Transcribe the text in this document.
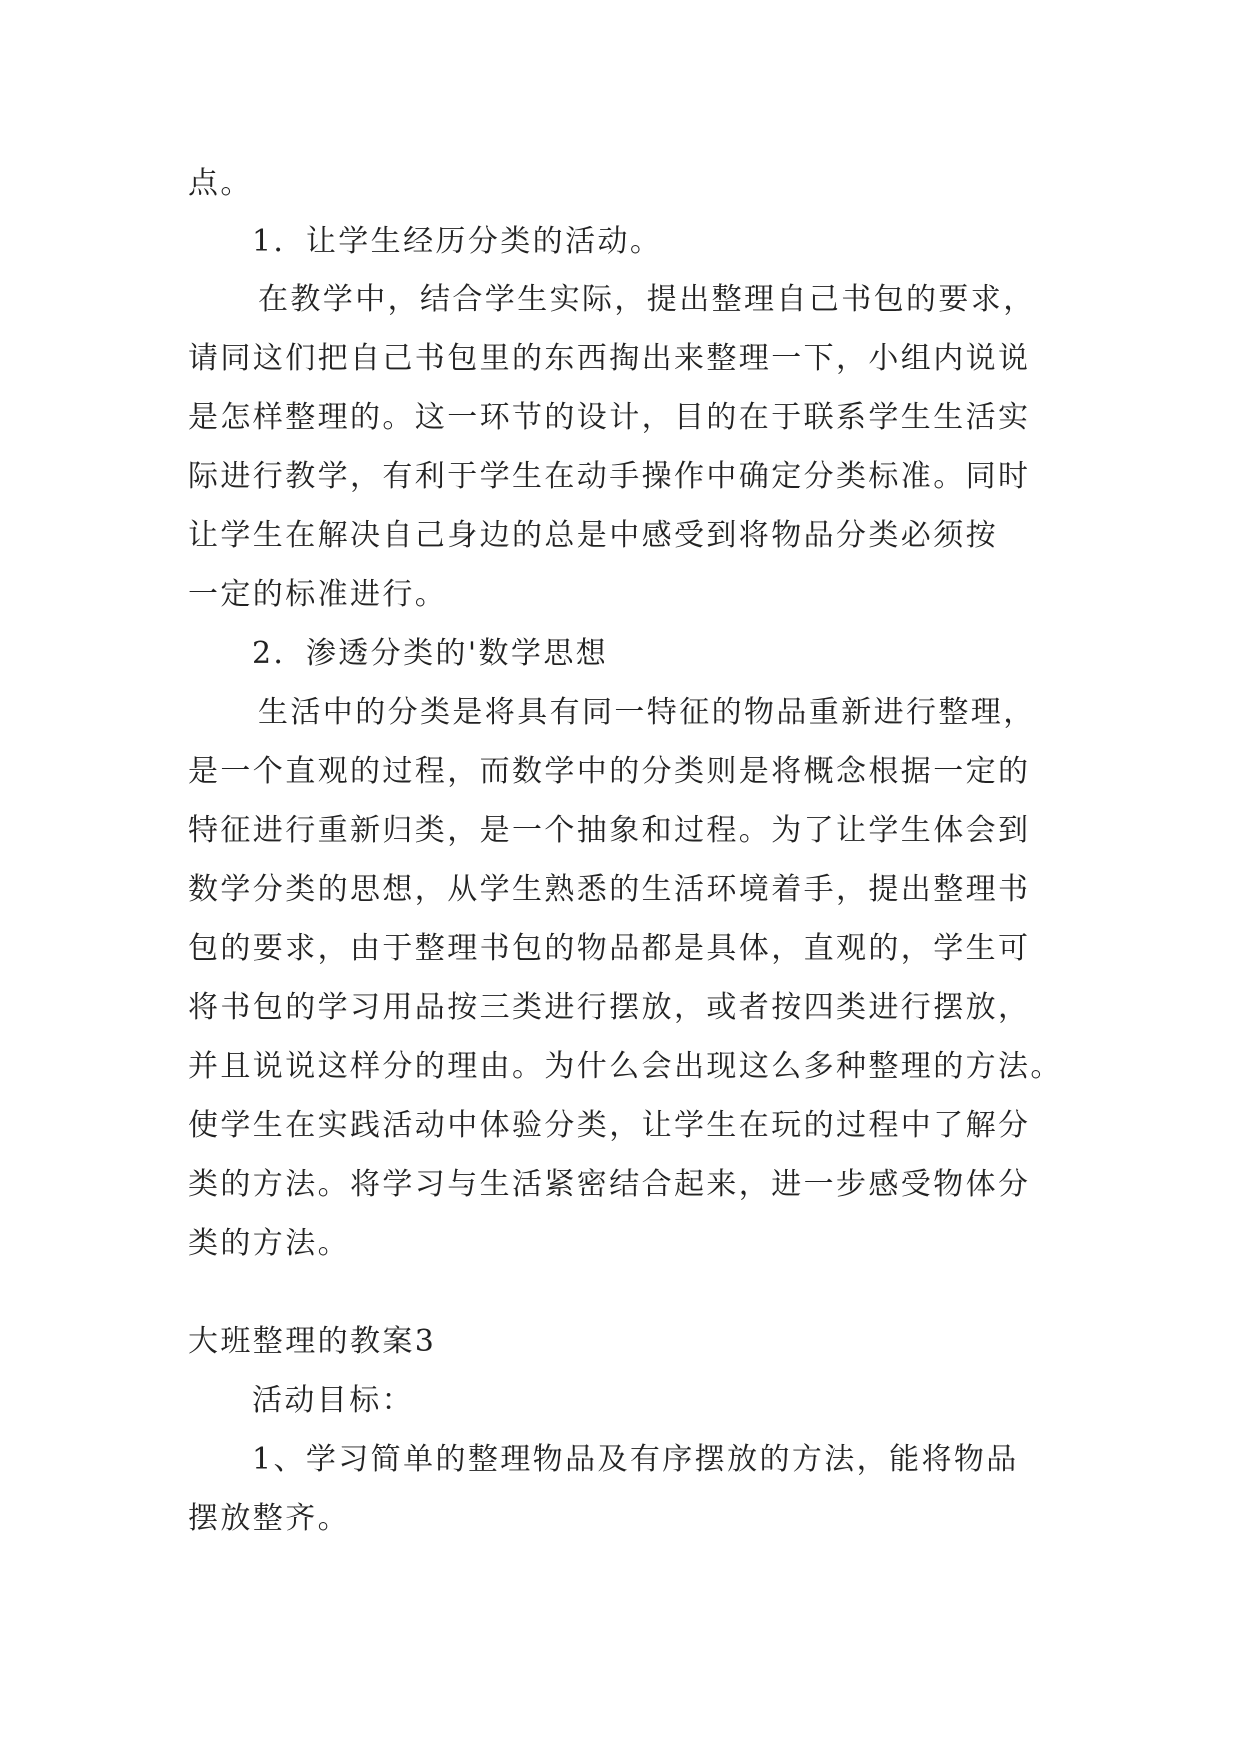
点。
1．让学生经历分类的活动。
在教学中，结合学生实际，提出整理自己书包的要求，
请同这们把自己书包里的东西掏出来整理一下，小组内说说
是怎样整理的。这一环节的设计，目的在于联系学生生活实
际进行教学，有利于学生在动手操作中确定分类标准。同时
让学生在解决自己身边的总是中感受到将物品分类必须按
一定的标准进行。
2．渗透分类的'数学思想
生活中的分类是将具有同一特征的物品重新进行整理，
是一个直观的过程，而数学中的分类则是将概念根据一定的
特征进行重新归类，是一个抽象和过程。为了让学生体会到
数学分类的思想，从学生熟悉的生活环境着手，提出整理书
包的要求，由于整理书包的物品都是具体，直观的，学生可
将书包的学习用品按三类进行摆放，或者按四类进行摆放，
并且说说这样分的理由。为什么会出现这么多种整理的方法。
使学生在实践活动中体验分类，让学生在玩的过程中了解分
类的方法。将学习与生活紧密结合起来，进一步感受物体分
类的方法。
大班整理的教案3
活动目标：
1、学习简单的整理物品及有序摆放的方法，能将物品
摆放整齐。
